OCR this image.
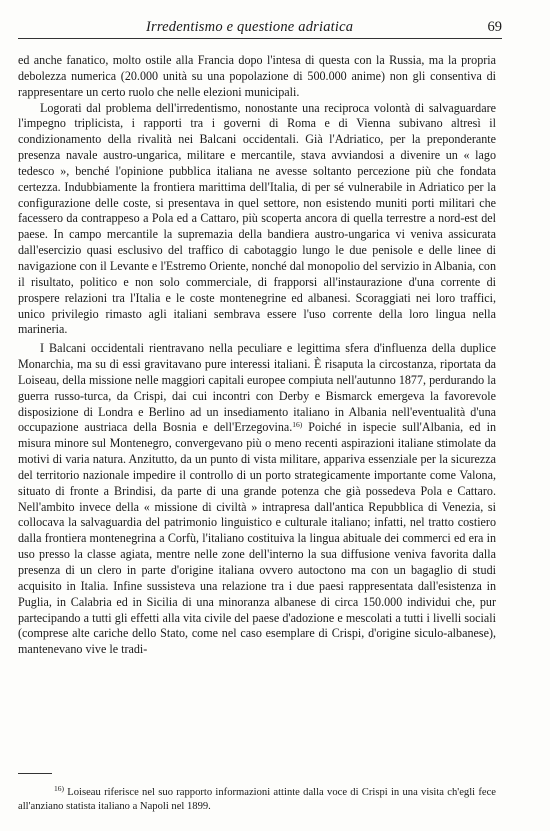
Irredentismo e questione adriatica	69

ed anche fanatico, molto ostile alla Francia dopo l'intesa di questa con la Russia, ma la propria debolezza numerica (20.000 unità su una popolazione di 500.000 anime) non gli consentiva di rappresentare un certo ruolo che nelle elezioni municipali.

Logorati dal problema dell'irredentismo, nonostante una reciproca volontà di salvaguardare l'impegno triplicista, i rapporti tra i governi di Roma e di Vienna subivano altresì il condizionamento della rivalità nei Balcani occidentali. Già l'Adriatico, per la preponderante presenza navale austro-ungarica, militare e mercantile, stava avviandosi a divenire un « lago tedesco », benché l'opinione pubblica italiana ne avesse soltanto percezione più che fondata certezza. Indubbiamente la frontiera marittima dell'Italia, di per sé vulnerabile in Adriatico per la configurazione delle coste, si presentava in quel settore, non esistendo muniti porti militari che facessero da contrappeso a Pola ed a Cattaro, più scoperta ancora di quella terrestre a nord-est del paese. In campo mercantile la supremazia della bandiera austro-ungarica vi veniva assicurata dall'esercizio quasi esclusivo del traffico di cabotaggio lungo le due penisole e delle linee di navigazione con il Levante e l'Estremo Oriente, nonché dal monopolio del servizio in Albania, con il risultato, politico e non solo commerciale, di frapporsi all'instaurazione d'una corrente di prospere relazioni tra l'Italia e le coste montenegrine ed albanesi. Scoraggiati nei loro traffici, unico privilegio rimasto agli italiani sembrava essere l'uso corrente della loro lingua nella marineria.

I Balcani occidentali rientravano nella peculiare e legittima sfera d'influenza della duplice Monarchia, ma su di essi gravitavano pure interessi italiani. È risaputa la circostanza, riportata da Loiseau, della missione nelle maggiori capitali europee compiuta nell'autunno 1877, perdurando la guerra russo-turca, da Crispi, dai cui incontri con Derby e Bismarck emergeva la favorevole disposizione di Londra e Berlino ad un insediamento italiano in Albania nell'eventualità d'una occupazione austriaca della Bosnia e dell'Erzegovina.$^{16)}$ Poiché in ispecie sull'Albania, ed in misura minore sul Montenegro, convergevano più o meno recenti aspirazioni italiane stimolate da motivi di varia natura. Anzitutto, da un punto di vista militare, appariva essenziale per la sicurezza del territorio nazionale impedire il controllo di un porto strategicamente importante come Valona, situato di fronte a Brindisi, da parte di una grande potenza che già possedeva Pola e Cattaro. Nell'ambito invece della « missione di civiltà » intrapresa dall'antica Repubblica di Venezia, si collocava la salvaguardia del patrimonio linguistico e culturale italiano; infatti, nel tratto costiero dalla frontiera montenegrina a Corfù, l'italiano costituiva la lingua abituale dei commerci ed era in uso presso la classe agiata, mentre nelle zone dell'interno la sua diffusione veniva favorita dalla presenza di un clero in parte d'origine italiana ovvero autoctono ma con un bagaglio di studi acquisito in Italia. Infine sussisteva una relazione tra i due paesi rappresentata dall'esistenza in Puglia, in Calabria ed in Sicilia di una minoranza albanese di circa 150.000 individui che, pur partecipando a tutti gli effetti alla vita civile del paese d'adozione e mescolati a tutti i livelli sociali (comprese alte cariche dello Stato, come nel caso esemplare di Crispi, d'origine siculo-albanese), mantenevano vive le tradi-

$^{16)}$ Loiseau riferisce nel suo rapporto informazioni attinte dalla voce di Crispi in una visita ch'egli fece all'anziano statista italiano a Napoli nel 1899.
